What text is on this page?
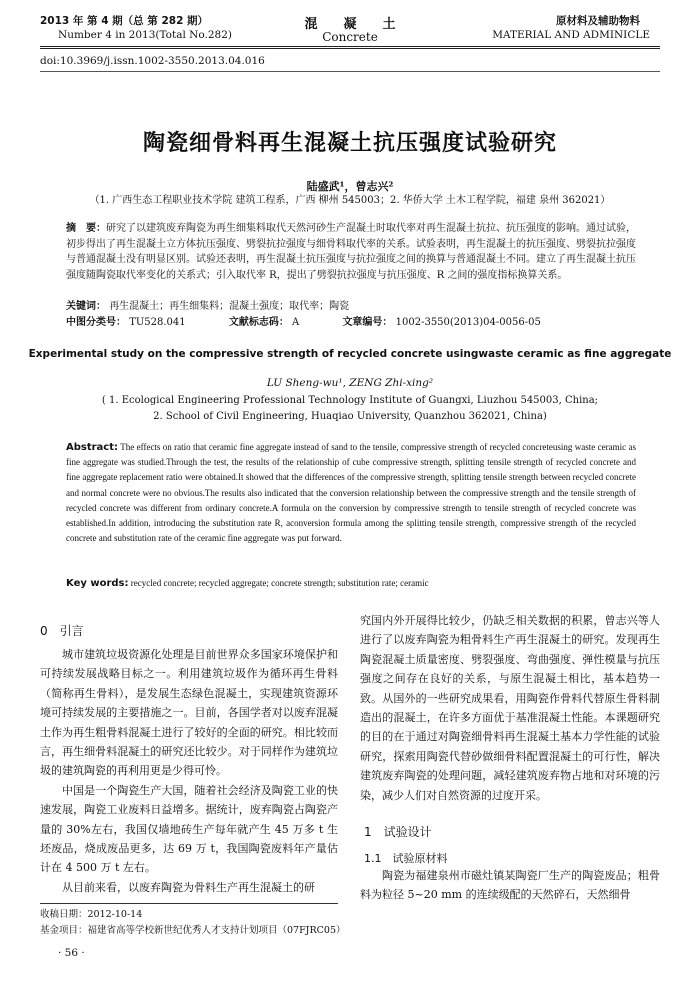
2013 年 第 4 期（总 第 282 期）
Number 4 in 2013(Total No.282)
混　　凝　　土
Concrete
原材料及辅助物料
MATERIAL AND ADMINICLE
doi:10.3969/j.issn.1002-3550.2013.04.016
陶瓷细骨料再生混凝土抗压强度试验研究
陆盛武¹，曾志兴²
（1. 广西生态工程职业技术学院 建筑工程系，广西 柳州 545003；2. 华侨大学 土木工程学院，福建 泉州 362021）
摘　要：研究了以建筑废弃陶瓷为再生细集料取代天然河砂生产混凝土时取代率对再生混凝土抗拉、抗压强度的影响。通过试验，初步得出了再生混凝土立方体抗压强度、劈裂抗拉强度与细骨料取代率的关系。试验表明，再生混凝土的抗压强度、劈裂抗拉强度与普通混凝土没有明显区别。试验还表明，再生混凝土抗压强度与抗拉强度之间的换算与普通混凝土不同。建立了再生混凝土抗压强度随陶瓷取代率变化的关系式；引入取代率 R，提出了劈裂抗拉强度与抗压强度、R 之间的强度指标换算关系。
关键词： 再生混凝土；再生细集料；混凝土强度；取代率；陶瓷
中图分类号： TU528.041	文献标志码： A	文章编号： 1002-3550(2013)04-0056-05
Experimental study on the compressive strength of recycled concrete usingwaste ceramic as fine aggregate
LU Sheng-wu¹, ZENG Zhi-xing²
( 1. Ecological Engineering Professional Technology Institute of Guangxi, Liuzhou 545003, China;
2. School of Civil Engineering, Huaqiao University, Quanzhou 362021, China)
Abstract: The effects on ratio that ceramic fine aggregate instead of sand to the tensile, compressive strength of recycled concreteusing waste ceramic as fine aggregate was studied.Through the test, the results of the relationship of cube compressive strength, splitting tensile strength of recycled concrete and fine aggregate replacement ratio were obtained.It showed that the differences of the compressive strength, splitting tensile strength between recycled concrete and normal concrete were no obvious.The results also indicated that the conversion relationship between the compressive strength and the tensile strength of recycled concrete was different from ordinary concrete.A formula on the conversion by compressive strength to tensile strength of recycled concrete was established.In addition, introducing the substitution rate R, aconversion formula among the splitting tensile strength, compressive strength of the recycled concrete and substitution rate of the ceramic fine aggregate was put forward.
Key words: recycled concrete; recycled aggregate; concrete strength; substitution rate; ceramic
0　引言

城市建筑垃圾资源化处理是目前世界众多国家环境保护和可持续发展战略目标之一。利用建筑垃圾作为循环再生骨料（简称再生骨料），是发展生态绿色混凝土，实现建筑资源环境可持续发展的主要措施之一。目前，各国学者对以废弃混凝土作为再生粗骨料混凝土进行了较好的全面的研究。相比较而言，再生细骨料混凝土的研究还比较少。对于同样作为建筑垃圾的建筑陶瓷的再利用更是少得可怜。

中国是一个陶瓷生产大国，随着社会经济及陶瓷工业的快速发展，陶瓷工业废料日益增多。据统计，废弃陶瓷占陶瓷产量的 30%左右，我国仅墙地砖生产每年就产生 45 万多 t 生坯废品，烧成废品更多，达 69 万 t，我国陶瓷废料年产量估计在 4 500 万 t 左右。

从目前来看，以废弃陶瓷为骨料生产再生混凝土的研

究国内外开展得比较少，仍缺乏相关数据的积累，曾志兴等人进行了以废弃陶瓷为粗骨料生产再生混凝土的研究。发现再生陶瓷混凝土质量密度、劈裂强度、弯曲强度、弹性模量与抗压强度之间存在良好的关系，与原生混凝土相比，基本趋势一致。从国外的一些研究成果看，用陶瓷作骨料代替原生骨料制造出的混凝土，在许多方面优于基准混凝土性能。本课题研究的目的在于通过对陶瓷细骨料再生混凝土基本力学性能的试验研究，探索用陶瓷代替砂做细骨料配置混凝土的可行性，解决建筑废弃陶瓷的处理问题，减轻建筑废弃物占地和对环境的污染，减少人们对自然资源的过度开采。

1　试验设计
1.1　试验原材料

陶瓷为福建泉州市磁灶镇某陶瓷厂生产的陶瓷废品；粗骨料为粒径 5~20 mm 的连续级配的天然碎石，天然细骨

收稿日期：2012-10-14
基金项目：福建省高等学校新世纪优秀人才支持计划项目（07FJRC05）
· 56 ·
